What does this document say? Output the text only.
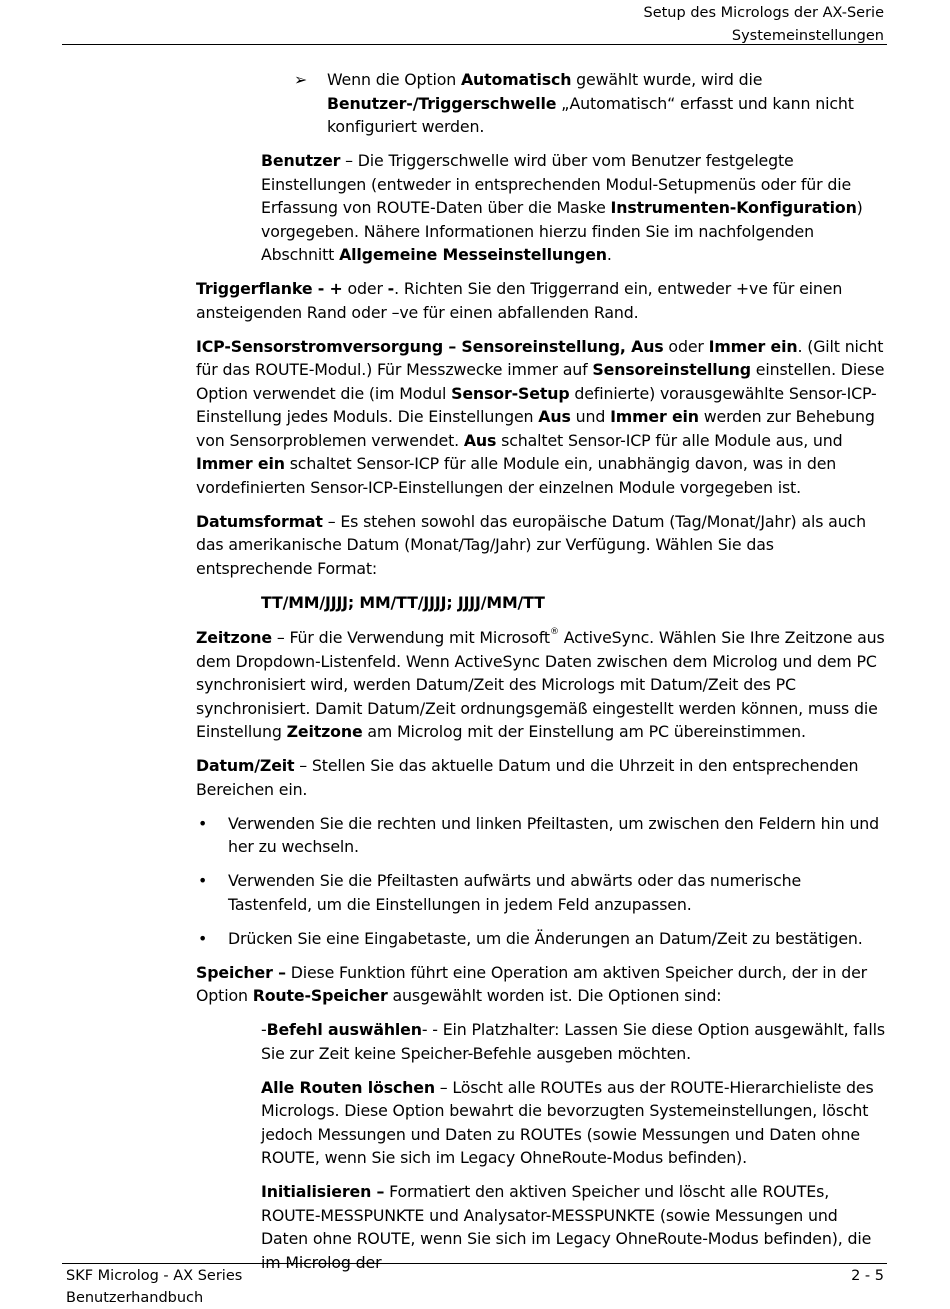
Setup des Micrologs der AX-Serie
Systemeinstellungen
➢ Wenn die Option Automatisch gewählt wurde, wird die Benutzer-/Triggerschwelle „Automatisch“ erfasst und kann nicht konfiguriert werden.

Benutzer – Die Triggerschwelle wird über vom Benutzer festgelegte Einstellungen (entweder in entsprechenden Modul-Setupmenüs oder für die Erfassung von ROUTE-Daten über die Maske Instrumenten-Konfiguration) vorgegeben. Nähere Informationen hierzu finden Sie im nachfolgenden Abschnitt Allgemeine Messeinstellungen.

Triggerflanke - + oder -. Richten Sie den Triggerrand ein, entweder +ve für einen ansteigenden Rand oder –ve für einen abfallenden Rand.

ICP-Sensorstromversorgung – Sensoreinstellung, Aus oder Immer ein. (Gilt nicht für das ROUTE-Modul.) Für Messzwecke immer auf Sensoreinstellung einstellen. Diese Option verwendet die (im Modul Sensor-Setup definierte) vorausgewählte Sensor-ICP-Einstellung jedes Moduls. Die Einstellungen Aus und Immer ein werden zur Behebung von Sensorproblemen verwendet. Aus schaltet Sensor-ICP für alle Module aus, und Immer ein schaltet Sensor-ICP für alle Module ein, unabhängig davon, was in den vordefinierten Sensor-ICP-Einstellungen der einzelnen Module vorgegeben ist.

Datumsformat – Es stehen sowohl das europäische Datum (Tag/Monat/Jahr) als auch das amerikanische Datum (Monat/Tag/Jahr) zur Verfügung. Wählen Sie das entsprechende Format:

TT/MM/JJJJ; MM/TT/JJJJ; JJJJ/MM/TT

Zeitzone – Für die Verwendung mit Microsoft® ActiveSync. Wählen Sie Ihre Zeitzone aus dem Dropdown-Listenfeld. Wenn ActiveSync Daten zwischen dem Microlog und dem PC synchronisiert wird, werden Datum/Zeit des Micrologs mit Datum/Zeit des PC synchronisiert. Damit Datum/Zeit ordnungsgemäß eingestellt werden können, muss die Einstellung Zeitzone am Microlog mit der Einstellung am PC übereinstimmen.

Datum/Zeit – Stellen Sie das aktuelle Datum und die Uhrzeit in den entsprechenden Bereichen ein.

• Verwenden Sie die rechten und linken Pfeiltasten, um zwischen den Feldern hin und her zu wechseln.
• Verwenden Sie die Pfeiltasten aufwärts und abwärts oder das numerische Tastenfeld, um die Einstellungen in jedem Feld anzupassen.
• Drücken Sie eine Eingabetaste, um die Änderungen an Datum/Zeit zu bestätigen.

Speicher – Diese Funktion führt eine Operation am aktiven Speicher durch, der in der Option Route-Speicher ausgewählt worden ist. Die Optionen sind:

-Befehl auswählen- - Ein Platzhalter: Lassen Sie diese Option ausgewählt, falls Sie zur Zeit keine Speicher-Befehle ausgeben möchten.

Alle Routen löschen – Löscht alle ROUTEs aus der ROUTE-Hierarchieliste des Micrologs. Diese Option bewahrt die bevorzugten Systemeinstellungen, löscht jedoch Messungen und Daten zu ROUTEs (sowie Messungen und Daten ohne ROUTE, wenn Sie sich im Legacy OhneRoute-Modus befinden).

Initialisieren – Formatiert den aktiven Speicher und löscht alle ROUTEs, ROUTE-MESSPUNKTE und Analysator-MESSPUNKTE (sowie Messungen und Daten ohne ROUTE, wenn Sie sich im Legacy OhneRoute-Modus befinden), die im Microlog der

SKF Microlog - AX Series
Benutzerhandbuch
2 - 5
